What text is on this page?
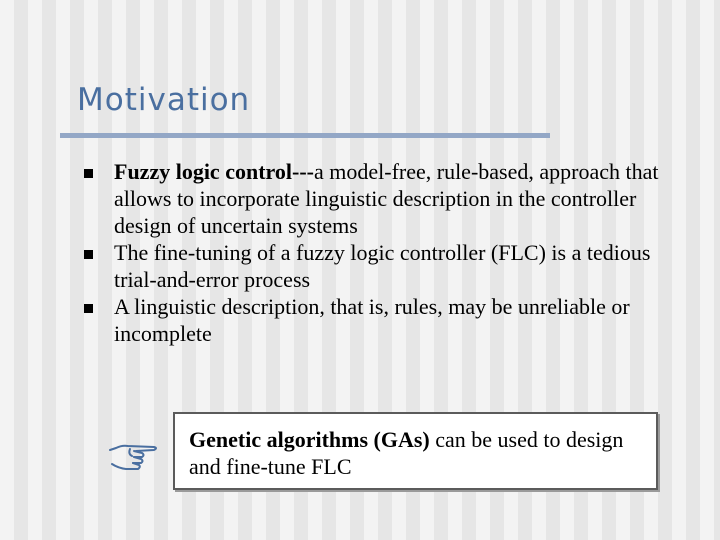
Motivation
Fuzzy logic control---a model-free, rule-based, approach that allows to incorporate linguistic description in the controller design of uncertain systems
The fine-tuning of a fuzzy logic controller (FLC) is a tedious trial-and-error process
A linguistic description, that is, rules, may be unreliable or incomplete
Genetic algorithms (GAs) can be used to design and fine-tune FLC
